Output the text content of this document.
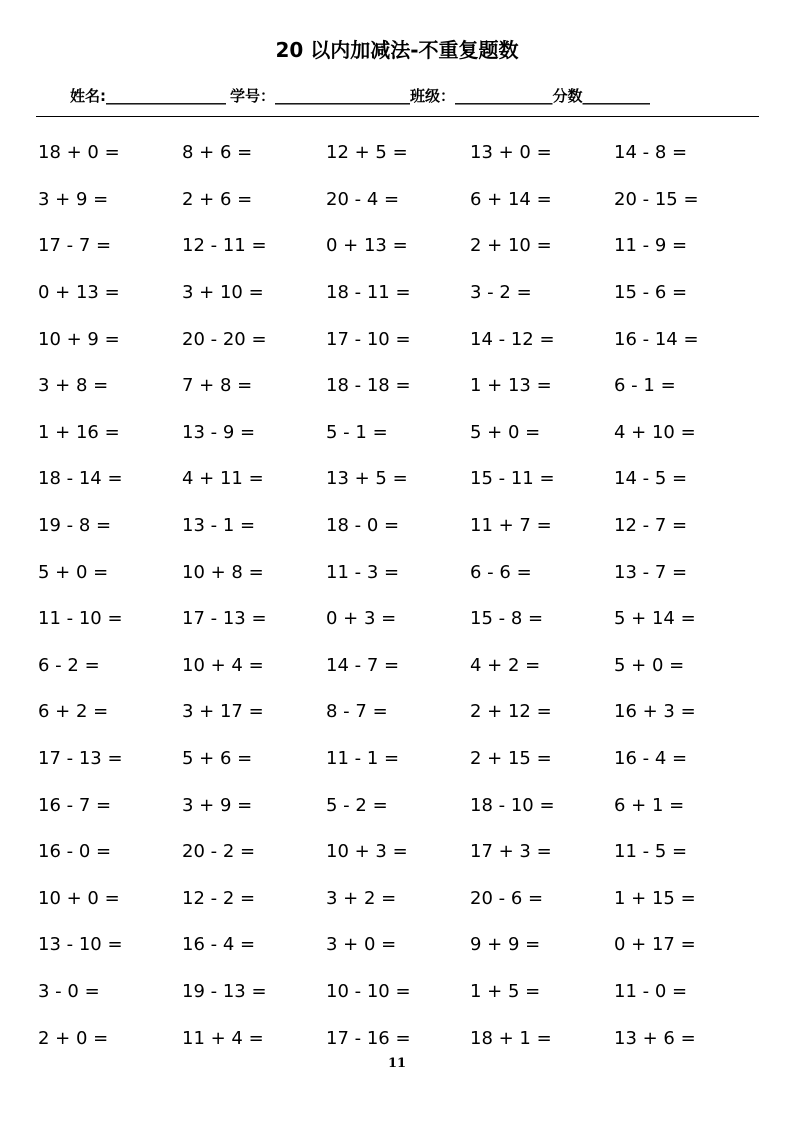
20 以内加减法-不重复题数
姓名:________________ 学号：__________________班级：_____________分数_________
18 + 0 =	8 + 6 =	12 + 5 =	13 + 0 =	14 - 8 =
3 + 9 =	2 + 6 =	20 - 4 =	6 + 14 =	20 - 15 =
17 - 7 =	12 - 11 =	0 + 13 =	2 + 10 =	11 - 9 =
0 + 13 =	3 + 10 =	18 - 11 =	3 - 2 =	15 - 6 =
10 + 9 =	20 - 20 =	17 - 10 =	14 - 12 =	16 - 14 =
3 + 8 =	7 + 8 =	18 - 18 =	1 + 13 =	6 - 1 =
1 + 16 =	13 - 9 =	5 - 1 =	5 + 0 =	4 + 10 =
18 - 14 =	4 + 11 =	13 + 5 =	15 - 11 =	14 - 5 =
19 - 8 =	13 - 1 =	18 - 0 =	11 + 7 =	12 - 7 =
5 + 0 =	10 + 8 =	11 - 3 =	6 - 6 =	13 - 7 =
11 - 10 =	17 - 13 =	0 + 3 =	15 - 8 =	5 + 14 =
6 - 2 =	10 + 4 =	14 - 7 =	4 + 2 =	5 + 0 =
6 + 2 =	3 + 17 =	8 - 7 =	2 + 12 =	16 + 3 =
17 - 13 =	5 + 6 =	11 - 1 =	2 + 15 =	16 - 4 =
16 - 7 =	3 + 9 =	5 - 2 =	18 - 10 =	6 + 1 =
16 - 0 =	20 - 2 =	10 + 3 =	17 + 3 =	11 - 5 =
10 + 0 =	12 - 2 =	3 + 2 =	20 - 6 =	1 + 15 =
13 - 10 =	16 - 4 =	3 + 0 =	9 + 9 =	0 + 17 =
3 - 0 =	19 - 13 =	10 - 10 =	1 + 5 =	11 - 0 =
2 + 0 =	11 + 4 =	17 - 16 =	18 + 1 =	13 + 6 =
11
